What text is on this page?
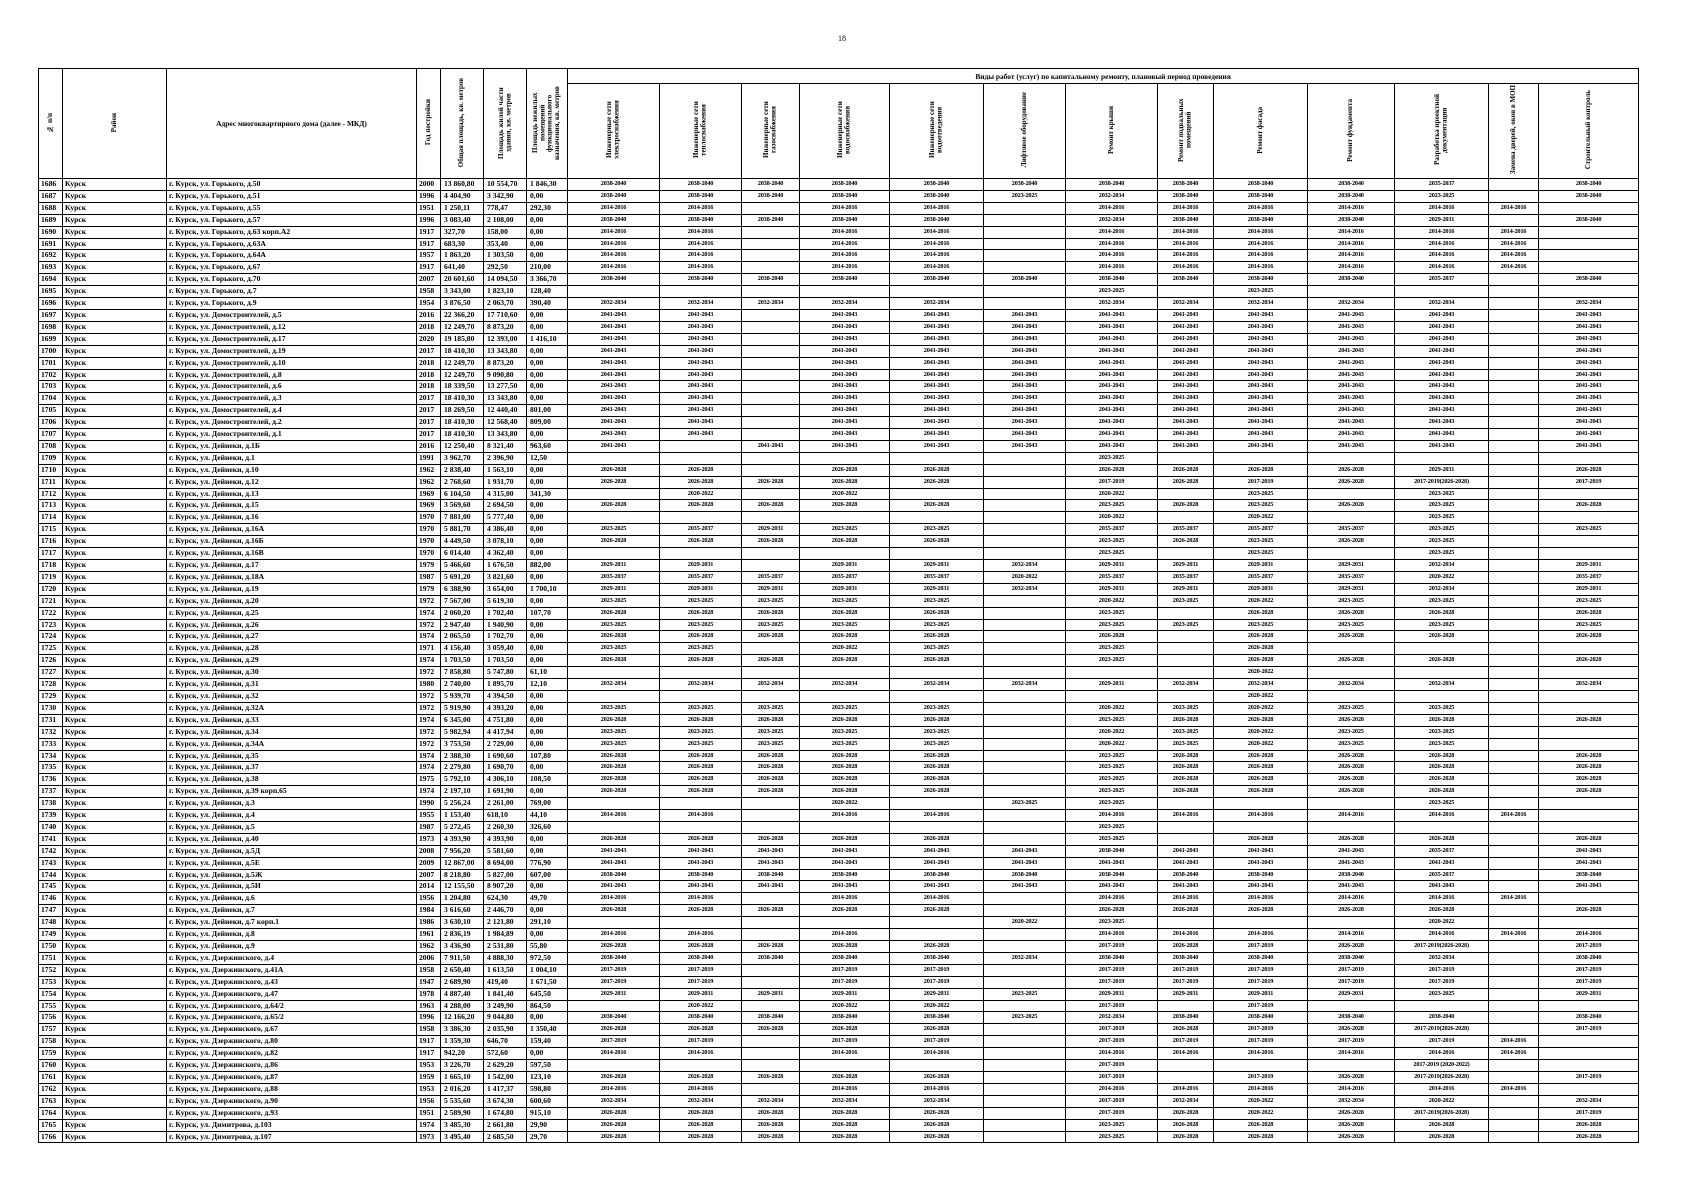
18
№ п/п	Район	Адрес многоквартирного дома (далее - МКД)	Год постройки	Общая площадь, кв. метров	Площадь жилой части здания, кв. метров	Площадь нежилых помещений функционального назначения, кв. метров	Виды работ (услуг) по капитальному ремонту, плановый период проведения												
							Инженерные сети электроснабжения	Инженерные сети теплоснабжения	Инженерные сети газоснабжения	Инженерные сети водоснабжения	Инженерные сети водоотведения	Лифтовое оборудование	Ремонт крыши	Ремонт подвальных помещений	Ремонт фасада	Ремонт фундамента	Разработка проектной документации	Замена дверей, окон в МОП	Строительный контроль
1686	Курск	г. Курск, ул. Горького, д.50	2000	13 860,80	10 554,70	1 846,30	2038-2040	2038-2040	2038-2040	2038-2040	2038-2040	2038-2040	2038-2040	2038-2040	2038-2040	2038-2040	2035-2037		2038-2040
1687	Курск	г. Курск, ул. Горького, д.51	1996	4 404,90	3 342,90	0,00	2038-2040	2038-2040	2038-2040	2038-2040	2038-2040	2023-2025	2032-2034	2038-2040	2038-2040	2038-2040	2023-2025		2038-2040
1688	Курск	г. Курск, ул. Горького, д.55	1951	1 250,11	778,47	292,30	2014-2016	2014-2016		2014-2016	2014-2016		2014-2016	2014-2016	2014-2016	2014-2016	2014-2016	2014-2016	
1689	Курск	г. Курск, ул. Горького, д.57	1996	3 083,40	2 108,00	0,00	2038-2040	2038-2040	2038-2040	2038-2040	2038-2040		2032-2034	2038-2040	2038-2040	2038-2040	2029-2031		2038-2040
1690	Курск	г. Курск, ул. Горького, д.63 корп.А2	1917	327,70	158,00	0,00	2014-2016	2014-2016		2014-2016	2014-2016		2014-2016	2014-2016	2014-2016	2014-2016	2014-2016	2014-2016	
1691	Курск	г. Курск, ул. Горького, д.63А	1917	683,30	353,40	0,00	2014-2016	2014-2016		2014-2016	2014-2016		2014-2016	2014-2016	2014-2016	2014-2016	2014-2016	2014-2016	
1692	Курск	г. Курск, ул. Горького, д.64А	1957	1 863,20	1 303,50	0,00	2014-2016	2014-2016		2014-2016	2014-2016		2014-2016	2014-2016	2014-2016	2014-2016	2014-2016	2014-2016	
1693	Курск	г. Курск, ул. Горького, д.67	1917	641,40	292,50	210,00	2014-2016	2014-2016		2014-2016	2014-2016		2014-2016	2014-2016	2014-2016	2014-2016	2014-2016	2014-2016	
1694	Курск	г. Курск, ул. Горького, д.70	2007	20 601,60	14 094,50	3 366,70	2038-2040	2038-2040	2038-2040	2038-2040	2038-2040	2038-2040	2038-2040	2038-2040	2038-2040	2038-2040	2035-2037		2038-2040
1695	Курск	г. Курск, ул. Горького, д.7	1958	3 343,00	1 823,10	128,40							2023-2025		2023-2025				
1696	Курск	г. Курск, ул. Горького, д.9	1954	3 876,50	2 063,70	390,40	2032-2034	2032-2034	2032-2034	2032-2034	2032-2034		2032-2034	2032-2034	2032-2034	2032-2034	2032-2034		2032-2034
1697	Курск	г. Курск, ул. Домостроителей, д.5	2016	22 366,20	17 710,60	0,00	2041-2043	2041-2043		2041-2043	2041-2043	2041-2043	2041-2043	2041-2043	2041-2043	2041-2043	2041-2043		2041-2043
1698	Курск	г. Курск, ул. Домостроителей, д.12	2018	12 249,70	8 873,20	0,00	2041-2043	2041-2043		2041-2043	2041-2043	2041-2043	2041-2043	2041-2043	2041-2043	2041-2043	2041-2043		2041-2043
1699	Курск	г. Курск, ул. Домостроителей, д.17	2020	19 185,80	12 393,00	1 416,10	2041-2043	2041-2043		2041-2043	2041-2043	2041-2043	2041-2043	2041-2043	2041-2043	2041-2043	2041-2043		2041-2043
1700	Курск	г. Курск, ул. Домостроителей, д.19	2017	18 410,30	13 343,80	0,00	2041-2043	2041-2043		2041-2043	2041-2043	2041-2043	2041-2043	2041-2043	2041-2043	2041-2043	2041-2043		2041-2043
1701	Курск	г. Курск, ул. Домостроителей, д.10	2018	12 249,70	8 873,20	0,00	2041-2043	2041-2043		2041-2043	2041-2043	2041-2043	2041-2043	2041-2043	2041-2043	2041-2043	2041-2043		2041-2043
1702	Курск	г. Курск, ул. Домостроителей, д.8	2018	12 249,70	9 090,80	0,00	2041-2043	2041-2043		2041-2043	2041-2043	2041-2043	2041-2043	2041-2043	2041-2043	2041-2043	2041-2043		2041-2043
1703	Курск	г. Курск, ул. Домостроителей, д.6	2018	18 339,50	13 277,50	0,00	2041-2043	2041-2043		2041-2043	2041-2043	2041-2043	2041-2043	2041-2043	2041-2043	2041-2043	2041-2043		2041-2043
1704	Курск	г. Курск, ул. Домостроителей, д.3	2017	18 410,30	13 343,80	0,00	2041-2043	2041-2043		2041-2043	2041-2043	2041-2043	2041-2043	2041-2043	2041-2043	2041-2043	2041-2043		2041-2043
1705	Курск	г. Курск, ул. Домостроителей, д.4	2017	18 269,50	12 440,40	801,00	2041-2043	2041-2043		2041-2043	2041-2043	2041-2043	2041-2043	2041-2043	2041-2043	2041-2043	2041-2043		2041-2043
1706	Курск	г. Курск, ул. Домостроителей, д.2	2017	18 410,30	12 568,40	809,00	2041-2043	2041-2043		2041-2043	2041-2043	2041-2043	2041-2043	2041-2043	2041-2043	2041-2043	2041-2043		2041-2043
1707	Курск	г. Курск, ул. Домостроителей, д.1	2017	18 410,30	13 343,80	0,00	2041-2043	2041-2043		2041-2043	2041-2043	2041-2043	2041-2043	2041-2043	2041-2043	2041-2043	2041-2043		2041-2043
1708	Курск	г. Курск, ул. Дейнеки, д.1Б	2016	12 250,40	8 321,40	963,60	2041-2043		2041-2043	2041-2043	2041-2043	2041-2043	2041-2043	2041-2043	2041-2043	2041-2043	2041-2043		2041-2043
1709	Курск	г. Курск, ул. Дейнеки, д.1	1991	3 962,70	2 396,90	12,50							2023-2025						
1710	Курск	г. Курск, ул. Дейнеки, д.10	1962	2 838,40	1 563,10	0,00	2026-2028	2026-2028		2026-2028	2026-2028		2026-2028	2026-2028	2026-2028	2026-2028	2029-2031		2026-2028
1711	Курск	г. Курск, ул. Дейнеки, д.12	1962	2 768,60	1 931,70	0,00	2026-2028	2026-2028	2026-2028	2026-2028	2026-2028		2017-2019	2026-2028	2017-2019	2026-2028	2017-2019(2026-2028)		2017-2019
1712	Курск	г. Курск, ул. Дейнеки, д.13	1969	6 104,50	4 315,00	341,30		2020-2022		2020-2022			2020-2022		2023-2025		2023-2025		
1713	Курск	г. Курск, ул. Дейнеки, д.15	1969	3 569,60	2 694,50	0,00	2026-2028	2026-2028	2026-2028	2026-2028	2026-2028		2023-2025	2026-2028	2023-2025	2026-2028	2023-2025		2026-2028
1714	Курск	г. Курск, ул. Дейнеки, д.16	1970	7 881,00	5 777,40	0,00							2020-2022		2020-2022		2023-2025		
1715	Курск	г. Курск, ул. Дейнеки, д.16А	1970	5 881,70	4 386,40	0,00	2023-2025	2035-2037	2029-2031	2023-2025	2023-2025		2035-2037	2035-2037	2035-2037	2035-2037	2023-2025		2023-2025
1716	Курск	г. Курск, ул. Дейнеки, д.16Б	1970	4 449,50	3 078,10	0,00	2026-2028	2026-2028	2026-2028	2026-2028	2026-2028		2023-2025	2026-2028	2023-2025	2026-2028	2023-2025		
1717	Курск	г. Курск, ул. Дейнеки, д.16В	1970	6 014,40	4 362,40	0,00							2023-2025		2023-2025		2023-2025		
1718	Курск	г. Курск, ул. Дейнеки, д.17	1979	5 466,60	1 676,50	882,00	2029-2031	2029-2031		2029-2031	2029-2031	2032-2034	2029-2031	2029-2031	2029-2031	2029-2031	2032-2034		2029-2031
1719	Курск	г. Курск, ул. Дейнеки, д.18А	1987	5 691,20	3 821,60	0,00	2035-2037	2035-2037	2035-2037	2035-2037	2035-2037	2020-2022	2035-2037	2035-2037	2035-2037	2035-2037	2020-2022		2035-2037
1720	Курск	г. Курск, ул. Дейнеки, д.19	1979	6 388,90	3 654,00	1 700,10	2029-2031	2029-2031	2029-2031	2029-2031	2029-2031	2032-2034	2029-2031	2029-2031	2029-2031	2029-2031	2032-2034		2029-2031
1721	Курск	г. Курск, ул. Дейнеки, д.20	1972	7 567,00	5 619,30	0,00	2023-2025	2023-2025	2023-2025	2023-2025	2023-2025		2020-2022	2023-2025	2020-2022	2023-2025	2023-2025		2023-2025
1722	Курск	г. Курск, ул. Дейнеки, д.25	1974	2 060,20	1 702,40	107,70	2026-2028	2026-2028	2026-2028	2026-2028	2026-2028		2023-2025		2026-2028	2026-2028	2026-2028		2026-2028
1723	Курск	г. Курск, ул. Дейнеки, д.26	1972	2 947,40	1 940,90	0,00	2023-2025	2023-2025	2023-2025	2023-2025	2023-2025		2023-2025	2023-2025	2023-2025	2023-2025	2023-2025		2023-2025
1724	Курск	г. Курск, ул. Дейнеки, д.27	1974	2 065,50	1 702,70	0,00	2026-2028	2026-2028	2026-2028	2026-2028	2026-2028		2026-2028		2026-2028	2026-2028	2026-2028		2026-2028
1725	Курск	г. Курск, ул. Дейнеки, д.28	1971	4 156,40	3 059,40	0,00	2023-2025	2023-2025		2020-2022	2023-2025		2023-2025		2026-2028				
1726	Курск	г. Курск, ул. Дейнеки, д.29	1974	1 703,50	1 703,50	0,00	2026-2028	2026-2028	2026-2028	2026-2028	2026-2028		2023-2025		2026-2028	2026-2028	2026-2028		2026-2028
1727	Курск	г. Курск, ул. Дейнеки, д.30	1972	7 858,80	5 747,80	61,10									2020-2022				
1728	Курск	г. Курск, ул. Дейнеки, д.31	1980	2 740,00	1 895,70	12,10	2032-2034	2032-2034	2032-2034	2032-2034	2032-2034	2032-2034	2029-2031	2032-2034	2032-2034	2032-2034	2032-2034		2032-2034
1729	Курск	г. Курск, ул. Дейнеки, д.32	1972	5 939,70	4 394,50	0,00									2020-2022				
1730	Курск	г. Курск, ул. Дейнеки, д.32А	1972	5 919,90	4 393,20	0,00	2023-2025	2023-2025	2023-2025	2023-2025	2023-2025		2020-2022	2023-2025	2020-2022	2023-2025	2023-2025		
1731	Курск	г. Курск, ул. Дейнеки, д.33	1974	6 345,00	4 751,80	0,00	2026-2028	2026-2028	2026-2028	2026-2028	2026-2028		2023-2025	2026-2028	2026-2028	2026-2028	2026-2028		2026-2028
1732	Курск	г. Курск, ул. Дейнеки, д.34	1972	5 982,94	4 417,94	0,00	2023-2025	2023-2025	2023-2025	2023-2025	2023-2025		2020-2022	2023-2025	2020-2022	2023-2025	2023-2025		
1733	Курск	г. Курск, ул. Дейнеки, д.34А	1972	3 753,50	2 729,00	0,00	2023-2025	2023-2025	2023-2025	2023-2025	2023-2025		2020-2022	2023-2025	2020-2022	2023-2025	2023-2025		
1734	Курск	г. Курск, ул. Дейнеки, д.35	1974	2 388,30	1 690,60	107,80	2026-2028	2026-2028	2026-2028	2026-2028	2026-2028		2023-2025	2026-2028	2026-2028	2026-2028	2026-2028		2026-2028
1735	Курск	г. Курск, ул. Дейнеки, д.37	1974	2 279,80	1 690,70	0,00	2026-2028	2026-2028	2026-2028	2026-2028	2026-2028		2023-2025	2026-2028	2026-2028	2026-2028	2026-2028		2026-2028
1736	Курск	г. Курск, ул. Дейнеки, д.38	1975	5 792,10	4 306,10	108,50	2026-2028	2026-2028	2026-2028	2026-2028	2026-2028		2023-2025	2026-2028	2026-2028	2026-2028	2026-2028		2026-2028
1737	Курск	г. Курск, ул. Дейнеки, д.39 корп.65	1974	2 197,10	1 691,90	0,00	2026-2028	2026-2028	2026-2028	2026-2028	2026-2028		2023-2025	2026-2028	2026-2028	2026-2028	2026-2028		2026-2028
1738	Курск	г. Курск, ул. Дейнеки, д.3	1990	5 256,24	2 261,00	769,00				2020-2022		2023-2025	2023-2025				2023-2025		
1739	Курск	г. Курск, ул. Дейнеки, д.4	1955	1 153,40	618,10	44,10	2014-2016	2014-2016		2014-2016	2014-2016		2014-2016	2014-2016	2014-2016	2014-2016	2014-2016	2014-2016	
1740	Курск	г. Курск, ул. Дейнеки, д.5	1987	5 272,45	2 260,30	326,60							2023-2025						
1741	Курск	г. Курск, ул. Дейнеки, д.40	1973	4 393,90	4 393,90	0,00	2026-2028	2026-2028	2026-2028	2026-2028	2026-2028		2023-2025		2026-2028	2026-2028	2026-2028		2026-2028
1742	Курск	г. Курск, ул. Дейнеки, д.5Д	2008	7 956,20	5 581,60	0,00	2041-2043	2041-2043	2041-2043	2041-2043	2041-2043	2041-2043	2038-2040	2041-2043	2041-2043	2041-2043	2035-2037		2041-2043
1743	Курск	г. Курск, ул. Дейнеки, д.5Е	2009	12 867,00	8 694,00	776,90	2041-2043	2041-2043	2041-2043	2041-2043	2041-2043	2041-2043	2041-2043	2041-2043	2041-2043	2041-2043	2041-2043		2041-2043
1744	Курск	г. Курск, ул. Дейнеки, д.5Ж	2007	8 218,80	5 827,00	607,00	2038-2040	2038-2040	2038-2040	2038-2040	2038-2040	2038-2040	2038-2040	2038-2040	2038-2040	2038-2040	2035-2037		2038-2040
1745	Курск	г. Курск, ул. Дейнеки, д.5И	2014	12 155,50	8 907,20	0,00	2041-2043	2041-2043	2041-2043	2041-2043	2041-2043	2041-2043	2041-2043	2041-2043	2041-2043	2041-2043	2041-2043		2041-2043
1746	Курск	г. Курск, ул. Дейнеки, д.6	1956	1 204,80	624,30	49,70	2014-2016	2014-2016		2014-2016	2014-2016		2014-2016	2014-2016	2014-2016	2014-2016	2014-2016	2014-2016	
1747	Курск	г. Курск, ул. Дейнеки, д.7	1984	3 616,60	2 446,70	0,00	2026-2028	2026-2028	2026-2028	2026-2028	2026-2028		2026-2028	2026-2028	2026-2028	2026-2028	2026-2028		2026-2028
1748	Курск	г. Курск, ул. Дейнеки, д.7 корп.1	1986	3 630,10	2 121,80	291,10						2020-2022	2023-2025				2020-2022		
1749	Курск	г. Курск, ул. Дейнеки, д.8	1961	2 836,19	1 984,89	0,00	2014-2016	2014-2016		2014-2016			2014-2016	2014-2016	2014-2016	2014-2016	2014-2016	2014-2016	2014-2016
1750	Курск	г. Курск, ул. Дейнеки, д.9	1962	3 436,90	2 531,80	55,80	2026-2028	2026-2028	2026-2028	2026-2028	2026-2028		2017-2019	2026-2028	2017-2019	2026-2028	2017-2019(2026-2028)		2017-2019
1751	Курск	г. Курск, ул. Дзержинского, д.4	2006	7 911,50	4 888,30	972,50	2038-2040	2038-2040	2038-2040	2038-2040	2038-2040	2032-2034	2038-2040	2038-2040	2038-2040	2038-2040	2032-2034		2038-2040
1752	Курск	г. Курск, ул. Дзержинского, д.41А	1958	2 650,40	1 613,50	1 004,10	2017-2019	2017-2019		2017-2019	2017-2019		2017-2019	2017-2019	2017-2019	2017-2019	2017-2019		2017-2019
1753	Курск	г. Курск, ул. Дзержинского, д.43	1947	2 689,90	419,40	1 671,50	2017-2019	2017-2019		2017-2019	2017-2019		2017-2019	2017-2019	2017-2019	2017-2019	2017-2019		2017-2019
1754	Курск	г. Курск, ул. Дзержинского, д.47	1978	4 887,40	1 841,40	645,50	2029-2031	2029-2031	2029-2031	2029-2031	2029-2031	2023-2025	2029-2031	2029-2031	2029-2031	2029-2031	2023-2025		2029-2031
1755	Курск	г. Курск, ул. Дзержинского, д.64/2	1963	4 288,00	3 249,90	864,50		2020-2022		2020-2022	2020-2022		2017-2019		2017-2019				
1756	Курск	г. Курск, ул. Дзержинского, д.65/2	1996	12 166,20	9 044,80	0,00	2038-2040	2038-2040	2038-2040	2038-2040	2038-2040	2023-2025	2032-2034	2038-2040	2038-2040	2038-2040	2038-2040		2038-2040
1757	Курск	г. Курск, ул. Дзержинского, д.67	1958	3 386,30	2 035,90	1 350,40	2026-2028	2026-2028	2026-2028	2026-2028	2026-2028		2017-2019	2026-2028	2017-2019	2026-2028	2017-2019(2026-2028)		2017-2019
1758	Курск	г. Курск, ул. Дзержинского, д.80	1917	1 359,30	646,70	159,40	2017-2019	2017-2019		2017-2019	2017-2019		2017-2019	2017-2019	2017-2019	2017-2019	2017-2019	2014-2016	
1759	Курск	г. Курск, ул. Дзержинского, д.82	1917	942,20	572,60	0,00	2014-2016	2014-2016		2014-2016	2014-2016		2014-2016	2014-2016	2014-2016	2014-2016	2014-2016	2014-2016	
1760	Курск	г. Курск, ул. Дзержинского, д.86	1953	3 226,70	2 629,20	597,50							2017-2019				2017-2019 (2020-2022)		
1761	Курск	г. Курск, ул. Дзержинского, д.87	1959	1 665,10	1 542,00	123,10	2026-2028	2026-2028	2026-2028	2026-2028	2026-2028		2017-2019		2017-2019	2026-2028	2017-2019(2026-2028)		2017-2019
1762	Курск	г. Курск, ул. Дзержинского, д.88	1953	2 016,20	1 417,37	598,80	2014-2016	2014-2016		2014-2016	2014-2016		2014-2016	2014-2016	2014-2016	2014-2016	2014-2016	2014-2016	
1763	Курск	г. Курск, ул. Дзержинского, д.90	1956	5 535,60	3 674,30	600,60	2032-2034	2032-2034	2032-2034	2032-2034	2032-2034		2017-2019	2032-2034	2020-2022	2032-2034	2020-2022		2032-2034
1764	Курск	г. Курск, ул. Дзержинского, д.93	1951	2 589,90	1 674,80	915,10	2026-2028	2026-2028	2026-2028	2026-2028	2026-2028		2017-2019	2026-2028	2020-2022	2026-2028	2017-2019(2026-2028)		2017-2019
1765	Курск	г. Курск, ул. Димитрова, д.103	1974	3 485,30	2 661,80	29,90	2026-2028	2026-2028	2026-2028	2026-2028	2026-2028		2023-2025	2026-2028	2026-2028	2026-2028	2026-2028		2026-2028
1766	Курск	г. Курск, ул. Димитрова, д.107	1973	3 495,40	2 685,50	29,70	2026-2028	2026-2028	2026-2028	2026-2028	2026-2028		2023-2025	2026-2028	2026-2028	2026-2028	2026-2028		2026-2028
